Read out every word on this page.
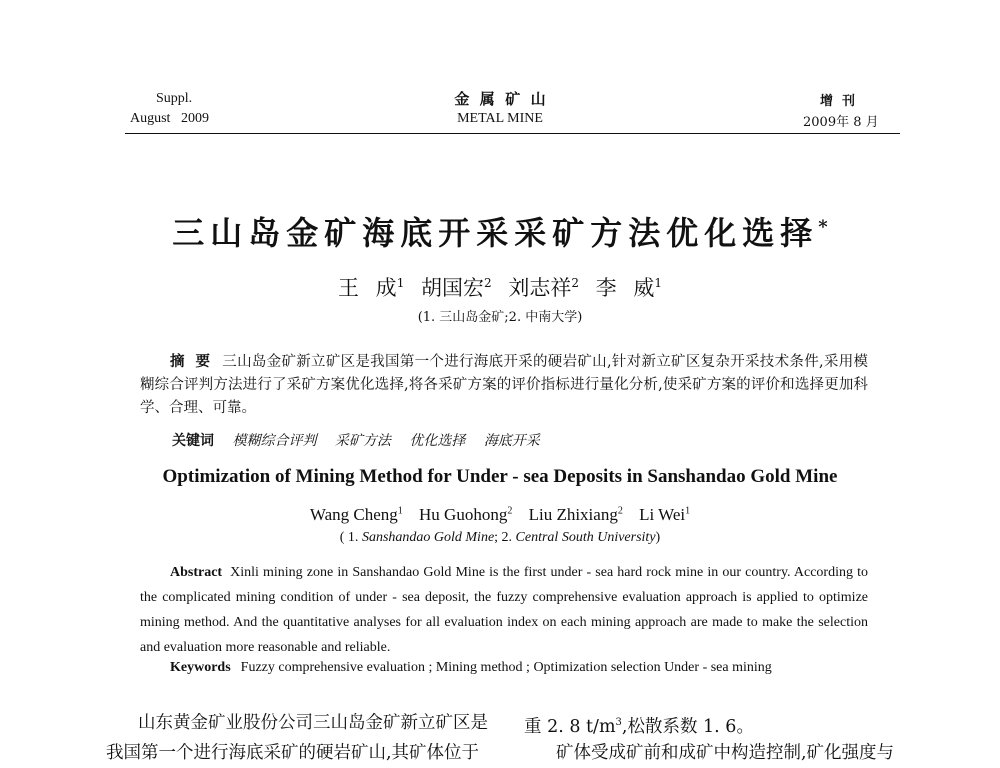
Suppl.
August   2009
金  属  矿  山
METAL MINE
增  刊
2009年 8 月
三山岛金矿海底开采采矿方法优化选择*
王 成$^1$ 胡国宏$^2$ 刘志祥$^2$ 李 威$^1$
(1. 三山岛金矿;2. 中南大学)
摘  要 三山岛金矿新立矿区是我国第一个进行海底开采的硬岩矿山,针对新立矿区复杂开采技术条件,采用模糊综合评判方法进行了采矿方案优化选择,将各采矿方案的评价指标进行量化分析,使采矿方案的评价和选择更加科学、合理、可靠。
关键词 模糊综合评判 采矿方法 优化选择 海底开采
Optimization of Mining Method for Under - sea Deposits in Sanshandao Gold Mine
Wang Cheng$^1$ Hu Guohong$^2$ Liu Zhixiang$^2$ Li Wei$^1$
( 1. Sanshandao Gold Mine; 2. Central South University)
Abstract Xinli mining zone in Sanshandao Gold Mine is the first under - sea hard rock mine in our country. According to the complicated mining condition of under - sea deposit, the fuzzy comprehensive evaluation approach is applied to optimize mining method. And the quantitative analyses for all evaluation index on each mining approach are made to make the selection and evaluation more reasonable and reliable.
Keywords Fuzzy comprehensive evaluation ; Mining method ; Optimization selection Under - sea mining
山东黄金矿业股份公司三山岛金矿新立矿区是
我国第一个进行海底采矿的硬岩矿山,其矿体位于
重 2. 8 $t/m^3$,松散系数 1. 6。
矿体受成矿前和成矿中构造控制,矿化强度与
